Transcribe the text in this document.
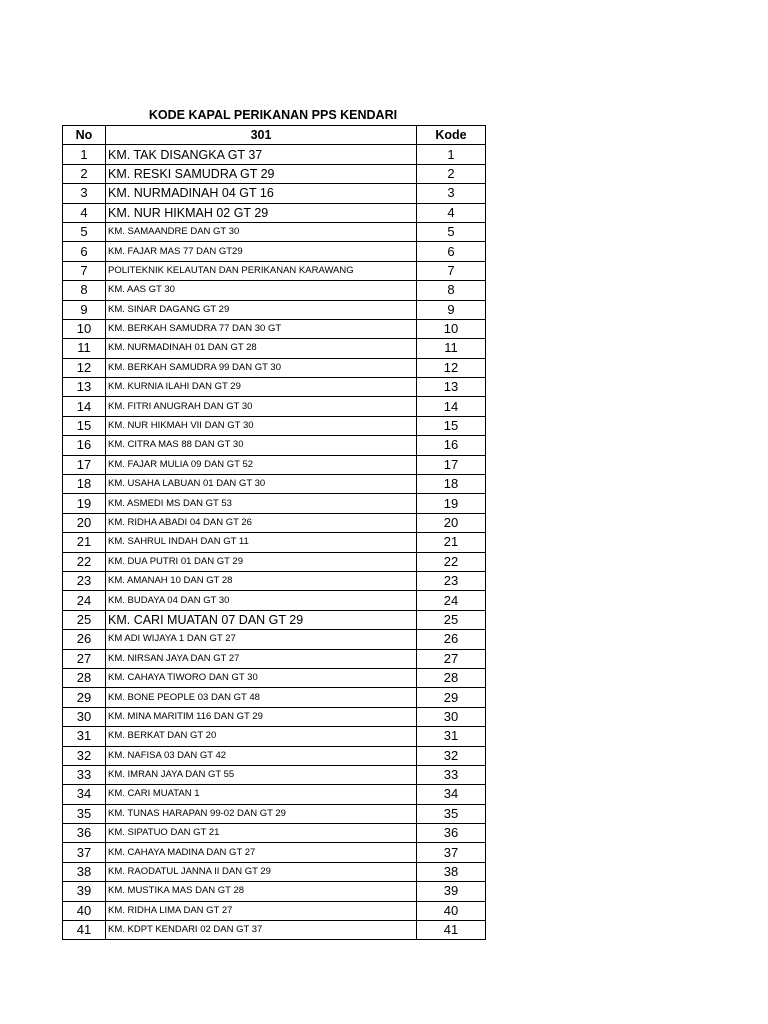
KODE KAPAL PERIKANAN PPS KENDARI
No	301	Kode
1	KM. TAK DISANGKA GT 37	1
2	KM. RESKI SAMUDRA GT 29	2
3	KM. NURMADINAH 04 GT 16	3
4	KM. NUR HIKMAH 02 GT 29	4
5	KM. SAMAANDRE DAN GT 30	5
6	KM. FAJAR MAS 77 DAN GT29	6
7	POLITEKNIK KELAUTAN DAN PERIKANAN KARAWANG	7
8	KM. AAS GT 30	8
9	KM. SINAR DAGANG GT 29	9
10	KM. BERKAH SAMUDRA 77 DAN 30 GT	10
11	KM. NURMADINAH 01 DAN GT 28	11
12	KM. BERKAH SAMUDRA 99 DAN GT 30	12
13	KM. KURNIA ILAHI DAN GT 29	13
14	KM. FITRI ANUGRAH DAN GT 30	14
15	KM. NUR HIKMAH VII DAN GT 30	15
16	KM. CITRA MAS 88 DAN GT 30	16
17	KM. FAJAR MULIA 09 DAN GT 52	17
18	KM. USAHA LABUAN 01 DAN GT 30	18
19	KM. ASMEDI MS DAN GT 53	19
20	KM. RIDHA ABADI 04 DAN GT 26	20
21	KM. SAHRUL INDAH DAN GT 11	21
22	KM. DUA PUTRI 01 DAN GT 29	22
23	KM. AMANAH 10 DAN GT 28	23
24	KM. BUDAYA 04 DAN GT 30	24
25	KM. CARI MUATAN 07 DAN GT 29	25
26	KM ADI WIJAYA 1 DAN GT 27	26
27	KM. NIRSAN JAYA DAN GT 27	27
28	KM. CAHAYA TIWORO DAN GT 30	28
29	KM. BONE PEOPLE 03 DAN GT 48	29
30	KM. MINA MARITIM 116 DAN GT 29	30
31	KM. BERKAT DAN GT 20	31
32	KM. NAFISA 03 DAN GT 42	32
33	KM. IMRAN JAYA DAN GT 55	33
34	KM. CARI MUATAN 1	34
35	KM. TUNAS HARAPAN 99-02 DAN GT 29	35
36	KM. SIPATUO DAN GT 21	36
37	KM. CAHAYA MADINA DAN GT 27	37
38	KM. RAODATUL JANNA II DAN GT 29	38
39	KM. MUSTIKA MAS DAN GT 28	39
40	KM. RIDHA LIMA DAN GT 27	40
41	KM. KDPT KENDARI 02 DAN GT 37	41
